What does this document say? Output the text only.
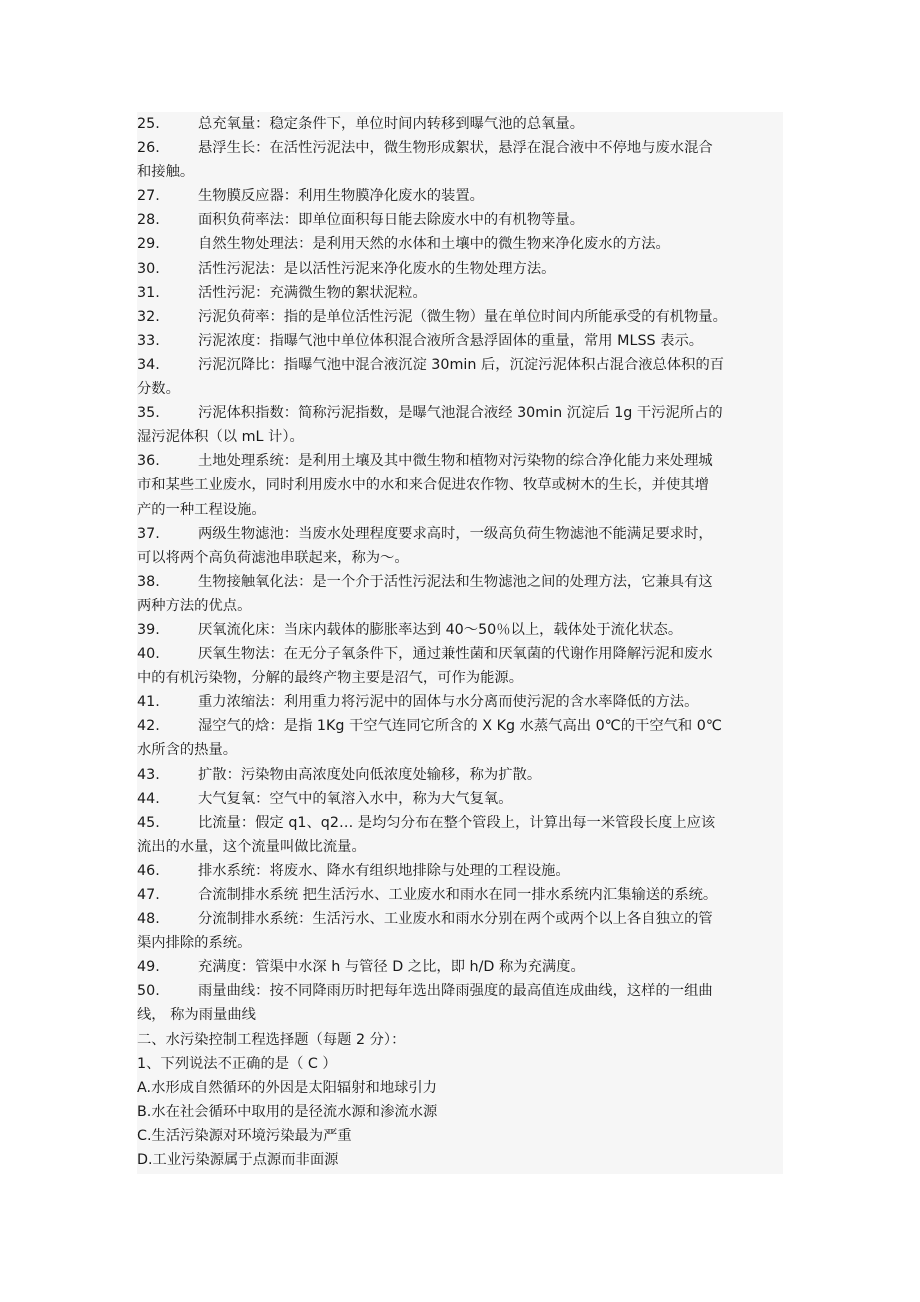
25.	总充氧量：稳定条件下，单位时间内转移到曝气池的总氧量。
26.	悬浮生长：在活性污泥法中，微生物形成絮状，悬浮在混合液中不停地与废水混合
和接触。
27.	生物膜反应器：利用生物膜净化废水的装置。
28.	面积负荷率法：即单位面积每日能去除废水中的有机物等量。
29.	自然生物处理法：是利用天然的水体和土壤中的微生物来净化废水的方法。
30.	活性污泥法：是以活性污泥来净化废水的生物处理方法。
31.	活性污泥：充满微生物的絮状泥粒。
32.	污泥负荷率：指的是单位活性污泥（微生物）量在单位时间内所能承受的有机物量。
33.	污泥浓度：指曝气池中单位体积混合液所含悬浮固体的重量，常用 MLSS 表示。
34.	污泥沉降比：指曝气池中混合液沉淀 30min 后，沉淀污泥体积占混合液总体积的百
分数。
35.	污泥体积指数：简称污泥指数，是曝气池混合液经 30min 沉淀后 1g 干污泥所占的
湿污泥体积（以 mL 计）。
36.	土地处理系统：是利用土壤及其中微生物和植物对污染物的综合净化能力来处理城
市和某些工业废水，同时利用废水中的水和来合促进农作物、牧草或树木的生长，并使其增
产的一种工程设施。
37.	两级生物滤池：当废水处理程度要求高时，一级高负荷生物滤池不能满足要求时，
可以将两个高负荷滤池串联起来，称为～。
38.	生物接触氧化法：是一个介于活性污泥法和生物滤池之间的处理方法，它兼具有这
两种方法的优点。
39.	厌氧流化床：当床内载体的膨胀率达到 40～50％以上，载体处于流化状态。
40.	厌氧生物法：在无分子氧条件下，通过兼性菌和厌氧菌的代谢作用降解污泥和废水
中的有机污染物，分解的最终产物主要是沼气，可作为能源。
41.	重力浓缩法：利用重力将污泥中的固体与水分离而使污泥的含水率降低的方法。
42.	湿空气的焓：是指 1Kg 干空气连同它所含的 X Kg 水蒸气高出 0℃的干空气和 0℃
水所含的热量。
43.	扩散：污染物由高浓度处向低浓度处输移，称为扩散。
44.	大气复氧：空气中的氧溶入水中，称为大气复氧。
45.	比流量：假定 q1、q2… 是均匀分布在整个管段上，计算出每一米管段长度上应该
流出的水量，这个流量叫做比流量。
46.	排水系统：将废水、降水有组织地排除与处理的工程设施。
47.	合流制排水系统 把生活污水、工业废水和雨水在同一排水系统内汇集输送的系统。
48.	分流制排水系统：生活污水、工业废水和雨水分别在两个或两个以上各自独立的管
渠内排除的系统。
49.	充满度：管渠中水深 h 与管径 D 之比，即 h/D 称为充满度。
50.	雨量曲线：按不同降雨历时把每年选出降雨强度的最高值连成曲线，这样的一组曲
线， 称为雨量曲线
二、水污染控制工程选择题（每题 2 分）：
1、下列说法不正确的是（ C ）
A.水形成自然循环的外因是太阳辐射和地球引力
B.水在社会循环中取用的是径流水源和渗流水源
C.生活污染源对环境污染最为严重
D.工业污染源属于点源而非面源
